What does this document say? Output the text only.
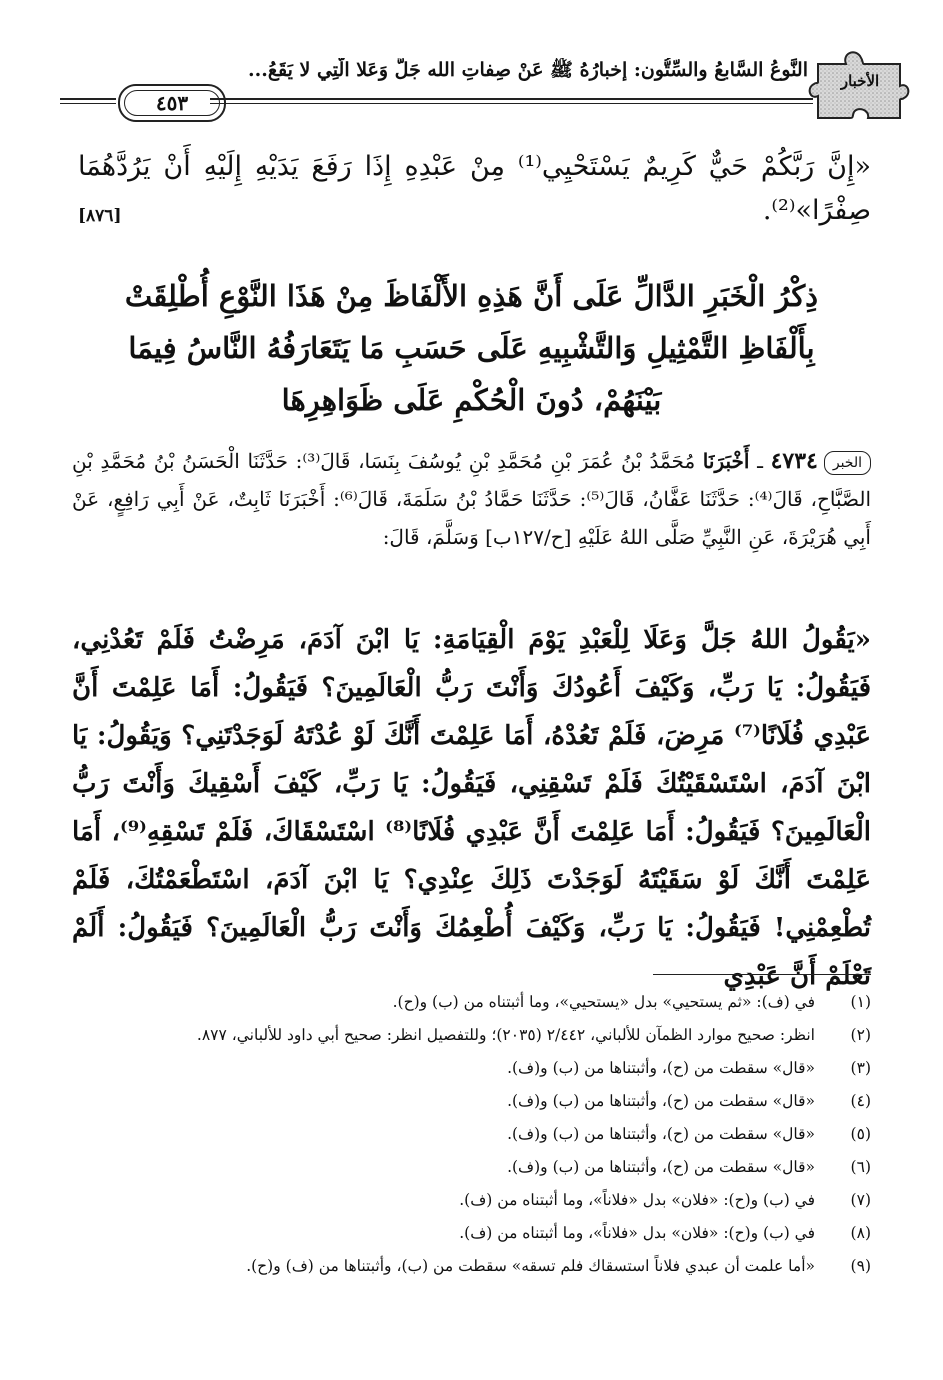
٤٥٣
النَّوعُ السَّابعُ والسِّتُّون: إخبارُهُ ﷺ عَنْ صِفاتِ الله جَلَّ وَعَلا الَّتِي لا يَقَعُ...	الأخبار
«إِنَّ رَبَّكُمْ حَيٌّ كَرِيمٌ يَسْتَحْيِي⁽¹⁾ مِنْ عَبْدِهِ إِذَا رَفَعَ يَدَيْهِ إِلَيْهِ أَنْ يَرُدَّهُمَا صِفْرًا»⁽²⁾.
[٨٧٦]
ذِكْرُ الْخَبَرِ الدَّالِّ عَلَى أَنَّ هَذِهِ الأَلْفَاظَ مِنْ هَذَا النَّوْعِ أُطْلِقَتْ
بِأَلْفَاظِ التَّمْثِيلِ وَالتَّشْبِيهِ عَلَى حَسَبِ مَا يَتَعَارَفُهُ النَّاسُ فِيمَا
بَيْنَهُمْ، دُونَ الْحُكْمِ عَلَى ظَوَاهِرِهَا
الخبر٤٧٣٤ ـ أَخْبَرَنَا مُحَمَّدُ بْنُ عُمَرَ بْنِ مُحَمَّدِ بْنِ يُوسُفَ بِنَسَا، قَالَ⁽³⁾: حَدَّثَنَا الْحَسَنُ بْنُ مُحَمَّدِ بْنِ الصَّبَّاحِ، قَالَ⁽⁴⁾: حَدَّثَنَا عَفَّانُ، قَالَ⁽⁵⁾: حَدَّثَنَا حَمَّادُ بْنُ سَلَمَةَ، قَالَ⁽⁶⁾: أَخْبَرَنَا ثَابِتٌ، عَنْ أَبِي رَافِعٍ، عَنْ أَبِي هُرَيْرَةَ، عَنِ النَّبِيِّ صَلَّى اللهُ عَلَيْهِ [ح/١٢٧ب] وَسَلَّمَ، قَالَ:
«يَقُولُ اللهُ جَلَّ وَعَلَا لِلْعَبْدِ يَوْمَ الْقِيَامَةِ: يَا ابْنَ آدَمَ، مَرِضْتُ فَلَمْ تَعُدْنِي، فَيَقُولُ: يَا رَبِّ، وَكَيْفَ أَعُودُكَ وَأَنْتَ رَبُّ الْعَالَمِينَ؟ فَيَقُولُ: أَمَا عَلِمْتَ أَنَّ عَبْدِي فُلَانًا⁽⁷⁾ مَرِضَ، فَلَمْ تَعُدْهُ، أَمَا عَلِمْتَ أَنَّكَ لَوْ عُدْتَهُ لَوَجَدْتَنِي؟ وَيَقُولُ: يَا ابْنَ آدَمَ، اسْتَسْقَيْتُكَ فَلَمْ تَسْقِنِي، فَيَقُولُ: يَا رَبِّ، كَيْفَ أَسْقِيكَ وَأَنْتَ رَبُّ الْعَالَمِينَ؟ فَيَقُولُ: أَمَا عَلِمْتَ أَنَّ عَبْدِي فُلَانًا⁽⁸⁾ اسْتَسْقَاكَ، فَلَمْ تَسْقِهِ⁽⁹⁾، أَمَا عَلِمْتَ أَنَّكَ لَوْ سَقَيْتَهُ لَوَجَدْتَ ذَلِكَ عِنْدِي؟ يَا ابْنَ آدَمَ، اسْتَطْعَمْتُكَ، فَلَمْ تُطْعِمْنِي! فَيَقُولُ: يَا رَبِّ، وَكَيْفَ أُطْعِمُكَ وَأَنْتَ رَبُّ الْعَالَمِينَ؟ فَيَقُولُ: أَلَمْ تَعْلَمْ أَنَّ عَبْدِي
(١)
في (ف): «ثم يستحيي» بدل «يستحيي»، وما أثبتناه من (ب) و(ح).
(٢)
انظر: صحيح موارد الظمآن للألباني، ٢/٤٤٢ (٢٠٣٥)؛ وللتفصيل انظر: صحيح أبي داود للألباني، ٨٧٧.
(٣)
«قال» سقطت من (ح)، وأثبتناها من (ب) و(ف).
(٤)
«قال» سقطت من (ح)، وأثبتناها من (ب) و(ف).
(٥)
«قال» سقطت من (ح)، وأثبتناها من (ب) و(ف).
(٦)
«قال» سقطت من (ح)، وأثبتناها من (ب) و(ف).
(٧)
في (ب) و(ح): «فلان» بدل «فلاناً»، وما أثبتناه من (ف).
(٨)
في (ب) و(ح): «فلان» بدل «فلاناً»، وما أثبتناه من (ف).
(٩)
«أما علمت أن عبدي فلاناً استسقاك فلم تسقه» سقطت من (ب)، وأثبتناها من (ف) و(ح).
